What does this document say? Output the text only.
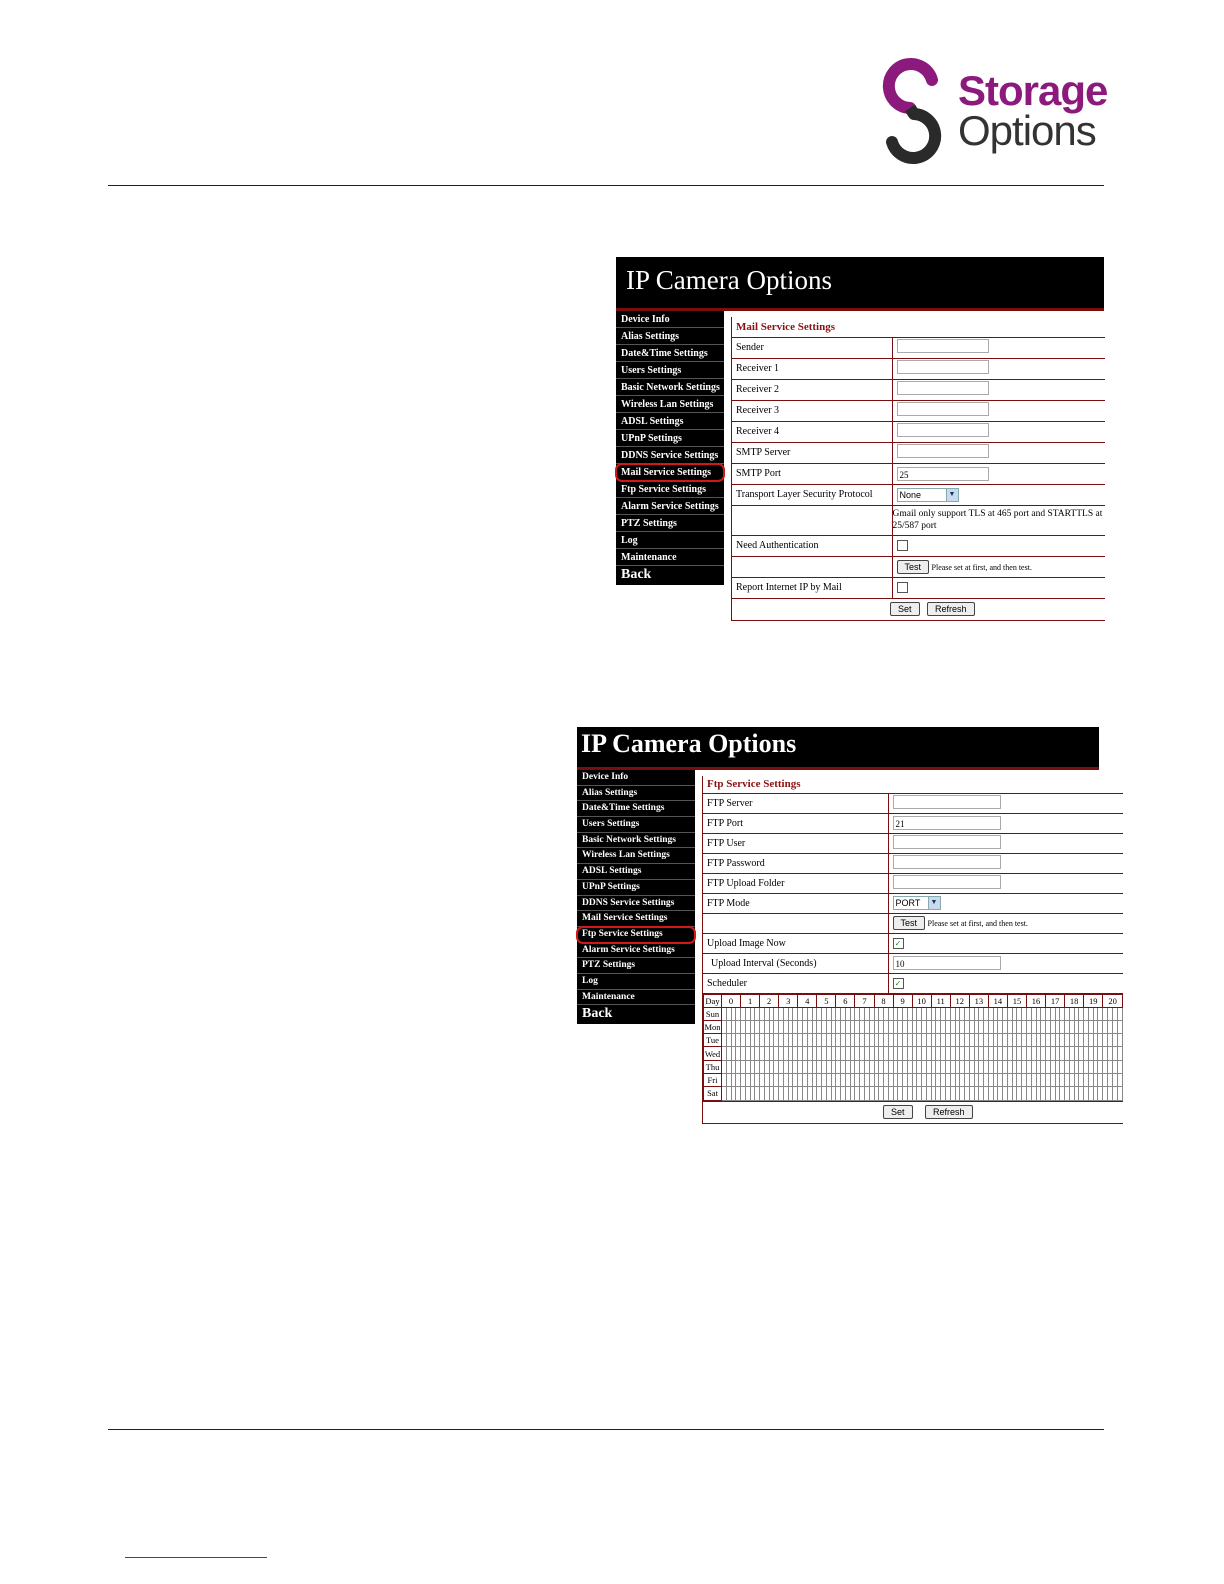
Storage
Options
IP Camera Options
Device Info
Alias Settings
Date&Time Settings
Users Settings
Basic Network Settings
Wireless Lan Settings
ADSL Settings
UPnP Settings
DDNS Service Settings
Mail Service Settings
Ftp Service Settings
Alarm Service Settings
PTZ Settings
Log
Maintenance
Back
Mail Service Settings	
Sender	
Receiver 1	
Receiver 2	
Receiver 3	
Receiver 4	
SMTP Server	
SMTP Port	25
Transport Layer Security Protocol	None ▼

	Gmail only support TLS at 465 port and STARTTLS at 25/587 port
Need Authentication	
	Test Please set at first, and then test.
Report Internet IP by Mail	
Set Refresh	
IP Camera Options
Device Info
Alias Settings
Date&Time Settings
Users Settings
Basic Network Settings
Wireless Lan Settings
ADSL Settings
UPnP Settings
DDNS Service Settings
Mail Service Settings
Ftp Service Settings
Alarm Service Settings
PTZ Settings
Log
Maintenance
Back
Ftp Service Settings
FTP Server	
FTP Port	21
FTP User	
FTP Password	
FTP Upload Folder	
FTP Mode	PORT	▼

	Test Please set at first, and then test.
Upload Image Now	✓
Upload Interval (Seconds)	10
Scheduler	✓

Day	0	1	2	3	4	5	6	7	8	9	10	11	12	13	14	15	16	17	18	19	20
Sun																																																																																				
Mon																																																																																				
Tue																																																																																				
Wed																																																																																				
Thu																																																																																				
Fri																																																																																				
Sat																																																																																				

Set	Refresh
